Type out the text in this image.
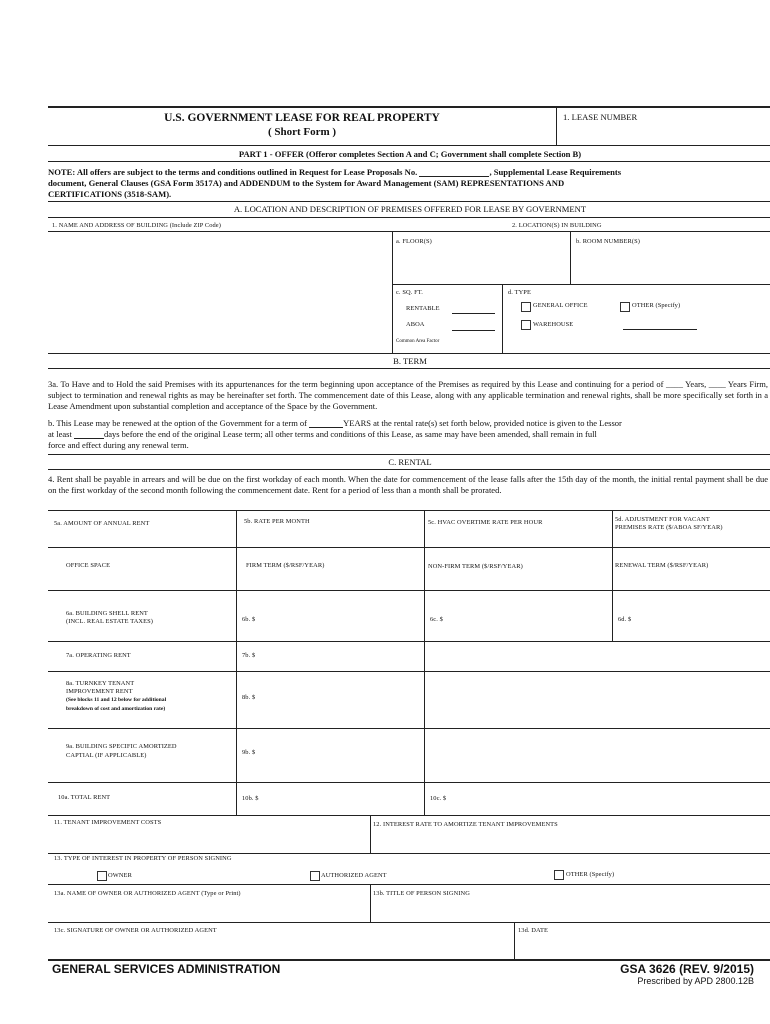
U.S. GOVERNMENT LEASE FOR REAL PROPERTY
( Short Form )
1. LEASE NUMBER
PART 1 - OFFER (Offeror completes Section A and C; Government shall complete Section B)
NOTE: All offers are subject to the terms and conditions outlined in Request for Lease Proposals No.	, Supplemental Lease Requirements
document, General Clauses (GSA Form 3517A) and ADDENDUM to the System for Award Management (SAM) REPRESENTATIONS AND
CERTIFICATIONS (3518-SAM).
A. LOCATION AND DESCRIPTION OF PREMISES OFFERED FOR LEASE BY GOVERNMENT
1. NAME AND ADDRESS OF BUILDING (Include ZIP Code)	2. LOCATION(S) IN BUILDING
a. FLOOR(S)	b. ROOM NUMBER(S)
c. SQ. FT.
RENTABLE
ABOA
Common Area Factor
d. TYPE
GENERAL OFFICE	OTHER (Specify)
WAREHOUSE
B. TERM
3a. To Have and to Hold the said Premises with its appurtenances for the term beginning upon acceptance of the Premises as required by this Lease and continuing for a period of ____ Years, ____ Years Firm, subject to termination and renewal rights as may be hereinafter set forth. The commencement date of this Lease, along with any applicable termination and renewal rights, shall be more specifically set forth in a Lease Amendment upon substantial completion and acceptance of the Space by the Government.
b. This Lease may be renewed at the option of the Government for a term of	YEARS at the rental rate(s) set forth below, provided notice is given to the Lessor
at least	days before the end of the original Lease term; all other terms and conditions of this Lease, as same may have been amended, shall remain in full
force and effect during any renewal term.
C. RENTAL
4. Rent shall be payable in arrears and will be due on the first workday of each month. When the date for commencement of the lease falls after the 15th day of the month, the initial rental payment shall be due on the first workday of the second month following the commencement date. Rent for a period of less than a month shall be prorated.
5a. AMOUNT OF ANNUAL RENT	5b. RATE PER MONTH	5c. HVAC OVERTIME RATE PER HOUR	5d. ADJUSTMENT FOR VACANT
PREMISES RATE ($/ABOA SF/YEAR)
OFFICE SPACE	FIRM TERM ($/RSF/YEAR)	NON-FIRM TERM ($/RSF/YEAR)	RENEWAL TERM ($/RSF/YEAR)
6a. BUILDING SHELL RENT
(INCL. REAL ESTATE TAXES)	6b. $	6c. $	6d. $
7a. OPERATING RENT	7b. $
8a. TURNKEY TENANT
IMPROVEMENT RENT
(See blocks 11 and 12 below for additional
breakdown of cost and amortization rate)
8b. $
9a. BUILDING SPECIFIC AMORTIZED
CAPTIAL (IF APPLICABLE)	9b. $
10a. TOTAL RENT	10b. $	10c. $
11. TENANT IMPROVEMENT COSTS	12. INTEREST RATE TO AMORTIZE TENANT IMPROVEMENTS
13. TYPE OF INTEREST IN PROPERTY OF PERSON SIGNING
OWNER	AUTHORIZED AGENT	OTHER (Specify)
13a. NAME OF OWNER OR AUTHORIZED AGENT (Type or Print)	13b. TITLE OF PERSON SIGNING
13c. SIGNATURE OF OWNER OR AUTHORIZED AGENT	13d. DATE
GENERAL SERVICES ADMINISTRATION	GSA 3626 (REV. 9/2015)
Prescribed by APD 2800.12B
